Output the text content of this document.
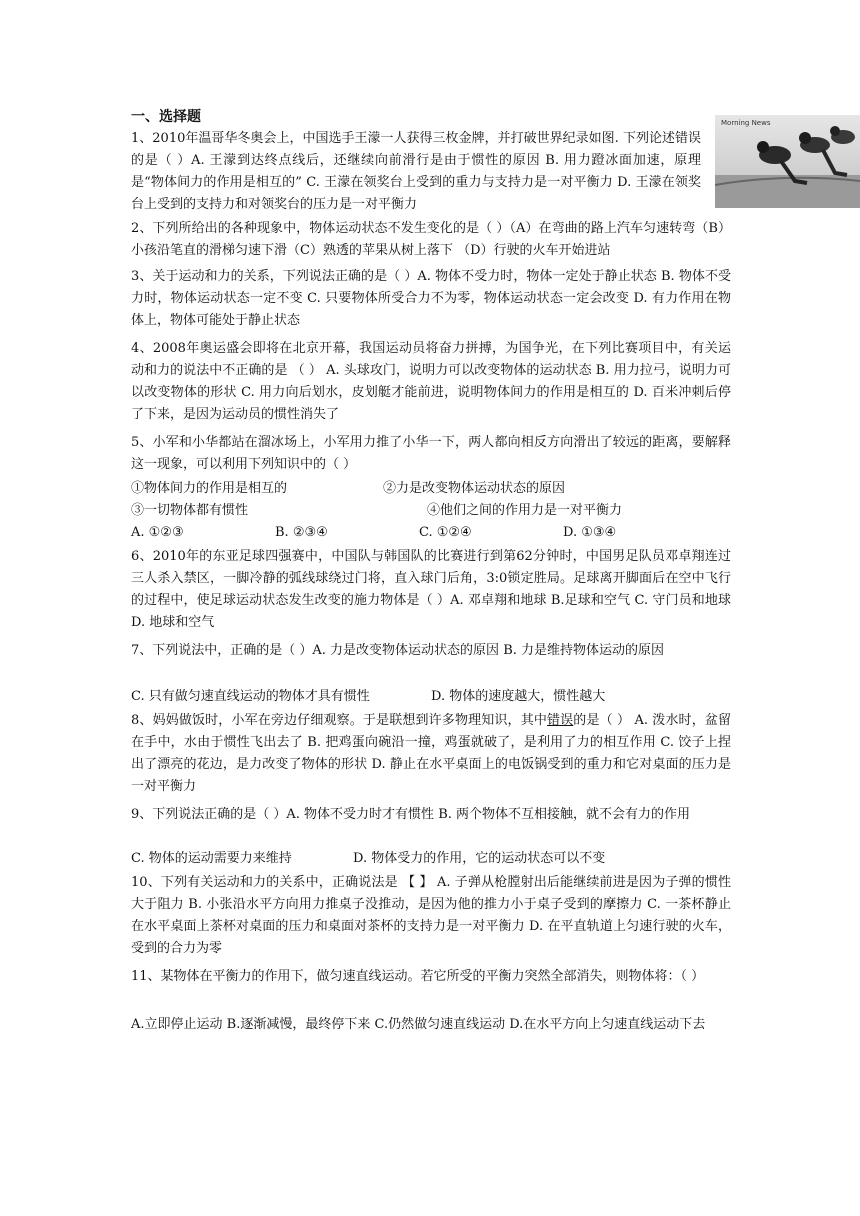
一、选择题	Morning News
1、2010年温哥华冬奥会上，中国选手王濛一人获得三枚金牌，并打破世界纪录如图. 下列论述错误的是（ ）A. 王濛到达终点线后，还继续向前滑行是由于惯性的原因 B. 用力蹬冰面加速，原理是“物体间力的作用是相互的” C. 王濛在领奖台上受到的重力与支持力是一对平衡力 D. 王濛在领奖台上受到的支持力和对领奖台的压力是一对平衡力
2、下列所给出的各种现象中，物体运动状态不发生变化的是（ ）（A）在弯曲的路上汽车匀速转弯（B）小孩沿笔直的滑梯匀速下滑（C）熟透的苹果从树上落下 （D）行驶的火车开始进站
3、关于运动和力的关系，下列说法正确的是（ ）A. 物体不受力时，物体一定处于静止状态 B. 物体不受力时，物体运动状态一定不变 C. 只要物体所受合力不为零，物体运动状态一定会改变 D. 有力作用在物体上，物体可能处于静止状态
4、2008年奥运盛会即将在北京开幕，我国运动员将奋力拼搏，为国争光，在下列比赛项目中，有关运动和力的说法中不正确的是 （ ） A. 头球攻门，说明力可以改变物体的运动状态 B. 用力拉弓，说明力可以改变物体的形状 C. 用力向后划水，皮划艇才能前进，说明物体间力的作用是相互的 D. 百米冲刺后停了下来，是因为运动员的惯性消失了
5、小军和小华都站在溜冰场上，小军用力推了小华一下，两人都向相反方向滑出了较远的距离，要解释这一现象，可以利用下列知识中的（ ）
①物体间力的作用是相互的	②力是改变物体运动状态的原因
③一切物体都有惯性	④他们之间的作用力是一对平衡力
A. ①②③	B. ②③④	C. ①②④	D. ①③④
6、2010年的东亚足球四强赛中，中国队与韩国队的比赛进行到第62分钟时，中国男足队员邓卓翔连过三人杀入禁区，一脚冷静的弧线球绕过门将，直入球门后角，3:0锁定胜局。足球离开脚面后在空中飞行的过程中，使足球运动状态发生改变的施力物体是（ ）A. 邓卓翔和地球 B.足球和空气 C. 守门员和地球 D. 地球和空气
7、下列说法中，正确的是（ ）A. 力是改变物体运动状态的原因 B. 力是维持物体运动的原因
C. 只有做匀速直线运动的物体才具有惯性	D. 物体的速度越大，惯性越大
8、妈妈做饭时，小军在旁边仔细观察。于是联想到许多物理知识，其中错误的是（ ） A. 泼水时，盆留在手中，水由于惯性飞出去了 B. 把鸡蛋向碗沿一撞，鸡蛋就破了，是利用了力的相互作用 C. 饺子上捏出了漂亮的花边，是力改变了物体的形状 D. 静止在水平桌面上的电饭锅受到的重力和它对桌面的压力是一对平衡力
9、下列说法正确的是（ ）A. 物体不受力时才有惯性 B. 两个物体不互相接触，就不会有力的作用
C. 物体的运动需要力来维持	D. 物体受力的作用，它的运动状态可以不变
10、下列有关运动和力的关系中，正确说法是 【 】 A. 子弹从枪膛射出后能继续前进是因为子弹的惯性大于阻力 B. 小张沿水平方向用力推桌子没推动，是因为他的推力小于桌子受到的摩擦力 C. 一茶杯静止在水平桌面上茶杯对桌面的压力和桌面对茶杯的支持力是一对平衡力 D. 在平直轨道上匀速行驶的火车，受到的合力为零
11、某物体在平衡力的作用下，做匀速直线运动。若它所受的平衡力突然全部消失，则物体将：（ ）
A.立即停止运动 B.逐渐减慢，最终停下来 C.仍然做匀速直线运动 D.在水平方向上匀速直线运动下去
